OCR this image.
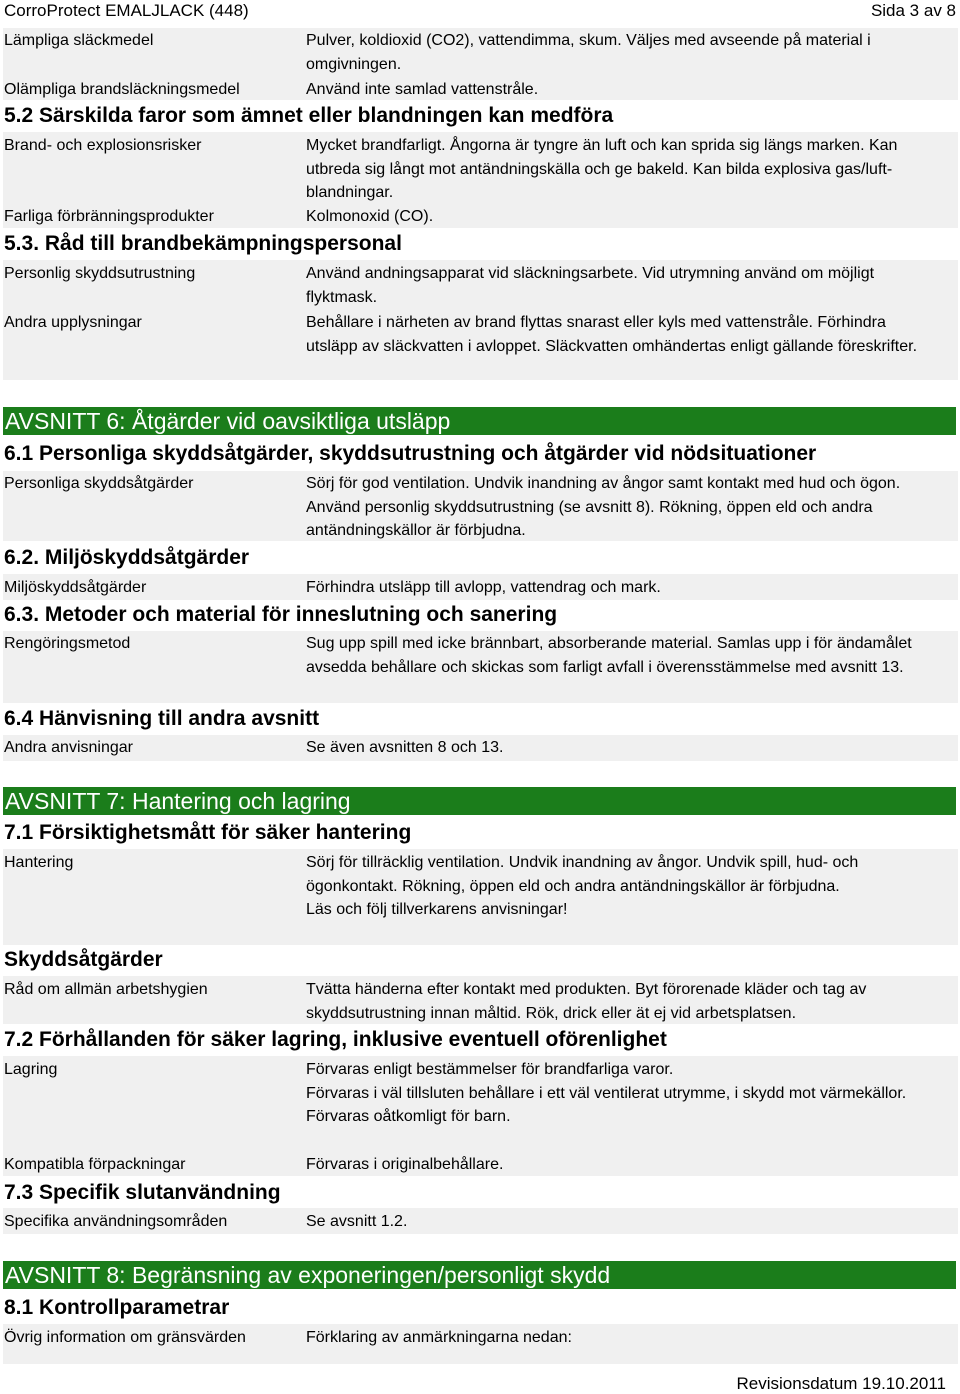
CorroProtect EMALJLACK (448)	Sida 3 av 8
Lämpliga släckmedel	Pulver, koldioxid (CO2), vattendimma, skum. Väljes med avseende på material i omgivningen.
Olämpliga brandsläckningsmedel	Använd inte samlad vattenstråle.
5.2 Särskilda faror som ämnet eller blandningen kan medföra
Brand- och explosionsrisker	Mycket brandfarligt. Ångorna är tyngre än luft och kan sprida sig längs marken. Kan utbreda sig långt mot antändningskälla och ge bakeld. Kan bilda explosiva gas/luft- blandningar.
Farliga förbränningsprodukter	Kolmonoxid (CO).
5.3. Råd till brandbekämpningspersonal
Personlig skyddsutrustning	Använd andningsapparat vid släckningsarbete. Vid utrymning använd om möjligt flyktmask.
Andra upplysningar	Behållare i närheten av brand flyttas snarast eller kyls med vattenstråle. Förhindra utsläpp av släckvatten i avloppet. Släckvatten omhändertas enligt gällande föreskrifter.
AVSNITT 6: Åtgärder vid oavsiktliga utsläpp
6.1 Personliga skyddsåtgärder, skyddsutrustning och åtgärder vid nödsituationer
Personliga skyddsåtgärder	Sörj för god ventilation. Undvik inandning av ångor samt kontakt med hud och ögon. Använd personlig skyddsutrustning (se avsnitt 8). Rökning, öppen eld och andra antändningskällor är förbjudna.
6.2. Miljöskyddsåtgärder
Miljöskyddsåtgärder	Förhindra utsläpp till avlopp, vattendrag och mark.
6.3. Metoder och material för inneslutning och sanering
Rengöringsmetod	Sug upp spill med icke brännbart, absorberande material. Samlas upp i för ändamålet avsedda behållare och skickas som farligt avfall i överensstämmelse med avsnitt 13.
6.4 Hänvisning till andra avsnitt
Andra anvisningar	Se även avsnitten 8 och 13.
AVSNITT 7: Hantering och lagring
7.1 Försiktighetsmått för säker hantering
Hantering	Sörj för tillräcklig ventilation. Undvik inandning av ångor. Undvik spill, hud- och ögonkontakt. Rökning, öppen eld och andra antändningskällor är förbjudna.
Läs och följ tillverkarens anvisningar!
Skyddsåtgärder
Råd om allmän arbetshygien	Tvätta händerna efter kontakt med produkten. Byt förorenade kläder och tag av skyddsutrustning innan måltid. Rök, drick eller ät ej vid arbetsplatsen.
7.2 Förhållanden för säker lagring, inklusive eventuell oförenlighet
Lagring	Förvaras enligt bestämmelser för brandfarliga varor.
Förvaras i väl tillsluten behållare i ett väl ventilerat utrymme, i skydd mot värmekällor.
Förvaras oåtkomligt för barn.
Kompatibla förpackningar	Förvaras i originalbehållare.
7.3 Specifik slutanvändning
Specifika användningsområden	Se avsnitt 1.2.
AVSNITT 8: Begränsning av exponeringen/personligt skydd
8.1 Kontrollparametrar
Övrig information om gränsvärden	Förklaring av anmärkningarna nedan:
Revisionsdatum 19.10.2011
